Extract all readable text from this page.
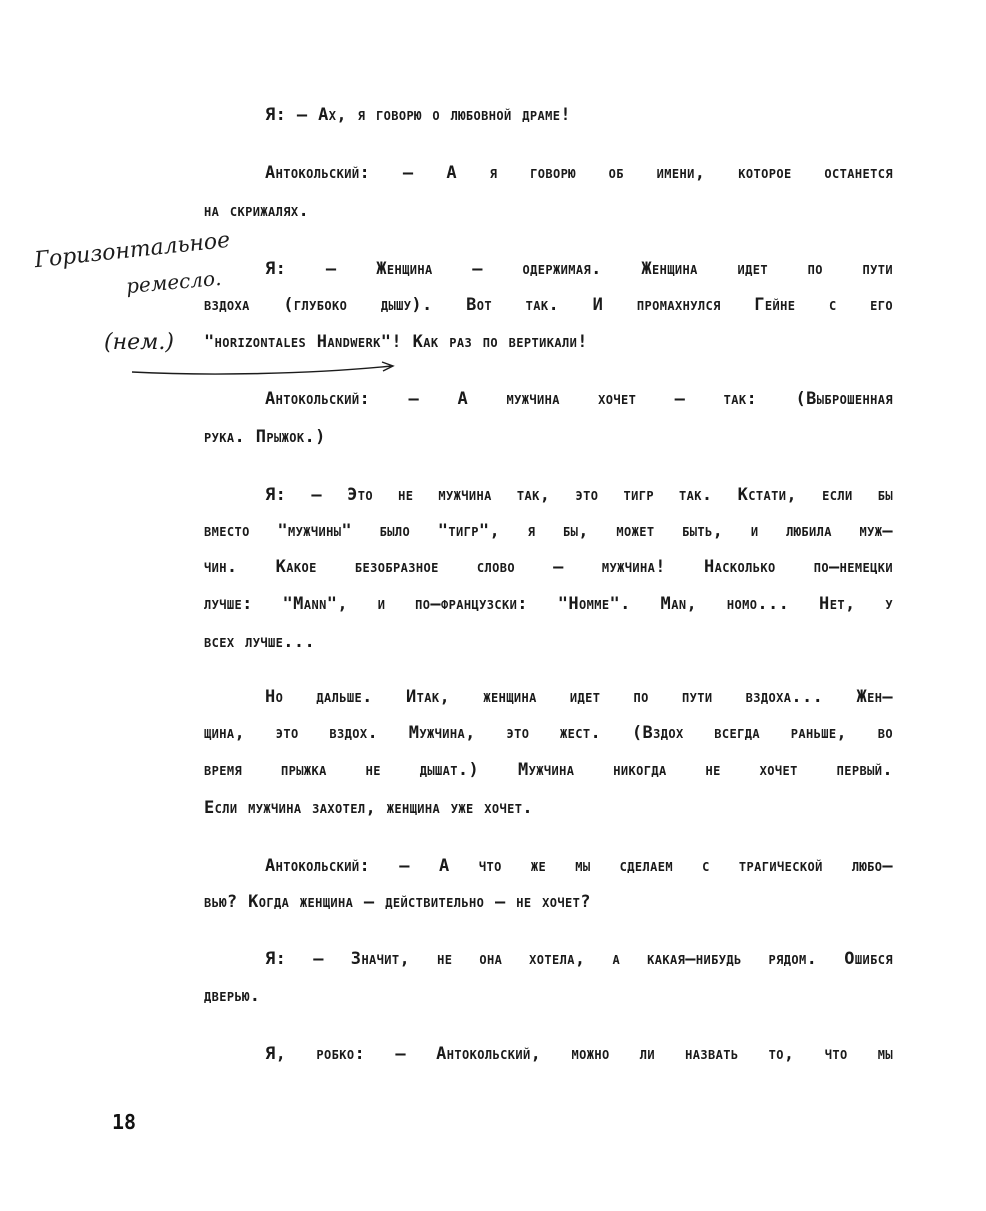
Я: — Ах, я говорю о любовной драме!
Антокольский: — А я говорю об имени, которое останется
на скрижалях.
Я: — Женщина — одержимая. Женщина идет по пути
вздоха (глубоко дышу). Вот так. И промахнулся Гейне с его
"horizontales Handwerk"! Как раз по вертикали!
Антокольский: — А мужчина хочет — так: (Выброшенная
рука. Прыжок.)
Я: — Это не мужчина так, это тигр так. Кстати, если бы
вместо "мужчины" было "тигр", я бы, может быть, и любила муж—
чин. Какое безобразное слово — мужчина! Насколько по—немецки
лучше: "Mann", и по—французски: "Homme". Man, homo... Нет, у
всех лучше...
Но дальше. Итак, женщина идет по пути вздоха... Жен—
щина, это вздох. Мужчина, это жест. (Вздох всегда раньше, во
время прыжка не дышат.) Мужчина никогда не хочет первый.
Если мужчина захотел, женщина уже хочет.
Антокольский: — А что же мы сделаем с трагической любо—
вью? Когда женщина — действительно — не хочет?
Я: — Значит, не она хотела, а какая—нибудь рядом. Ошибся
дверью.
Я, робко: — Антокольский, можно ли назвать то, что мы
Горизонтальное
ремесло.
(нем.)
18
